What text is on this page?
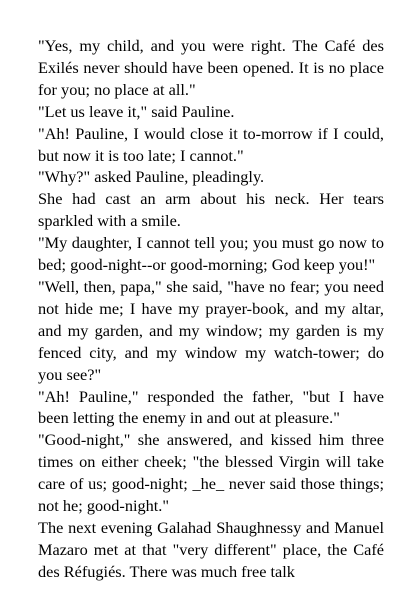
"Yes, my child, and you were right. The Café des Exilés never should have been opened. It is no place for you; no place at all."

"Let us leave it," said Pauline.

"Ah! Pauline, I would close it to-morrow if I could, but now it is too late; I cannot."

"Why?" asked Pauline, pleadingly.

She had cast an arm about his neck. Her tears sparkled with a smile.

"My daughter, I cannot tell you; you must go now to bed; good-night--or good-morning; God keep you!"

"Well, then, papa," she said, "have no fear; you need not hide me; I have my prayer-book, and my altar, and my garden, and my window; my garden is my fenced city, and my window my watch-tower; do you see?"

"Ah! Pauline," responded the father, "but I have been letting the enemy in and out at pleasure."

"Good-night," she answered, and kissed him three times on either cheek; "the blessed Virgin will take care of us; good-night; _he_ never said those things; not he; good-night."

The next evening Galahad Shaughnessy and Manuel Mazaro met at that "very different" place, the Café des Réfugiés. There was much free talk
